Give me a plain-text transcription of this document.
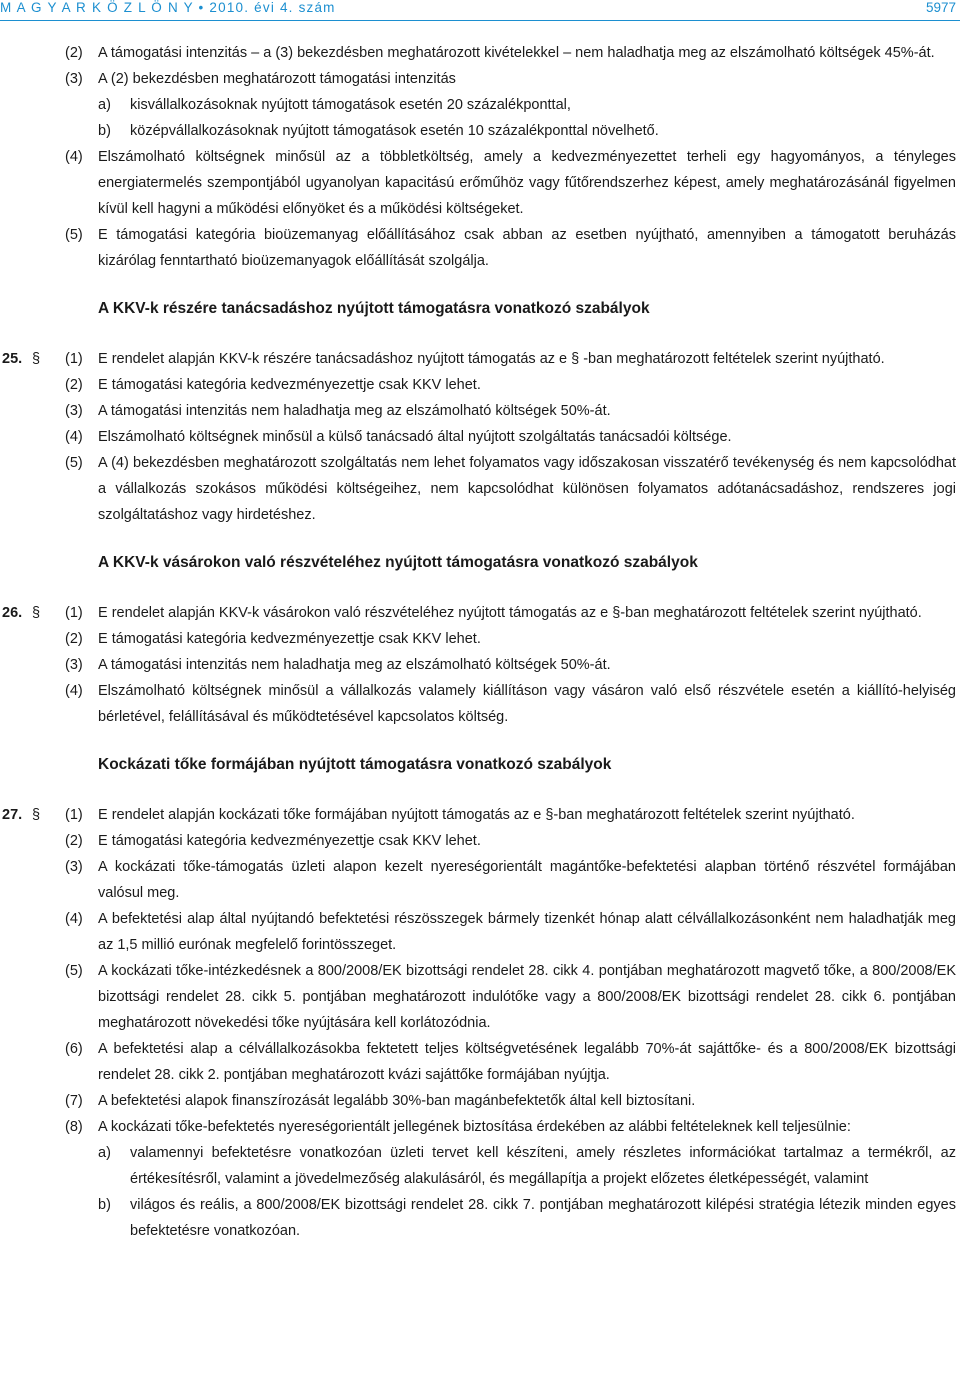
M A G Y A R K Ö Z L Ö N Y • 2010. évi 4. szám	5977
(2) A támogatási intenzitás – a (3) bekezdésben meghatározott kivételekkel – nem haladhatja meg az elszámolható költségek 45%-át.
(3) A (2) bekezdésben meghatározott támogatási intenzitás
a) kisvállalkozásoknak nyújtott támogatások esetén 20 százalékponttal,
b) középvállalkozásoknak nyújtott támogatások esetén 10 százalékponttal növelhető.
(4) Elszámolható költségnek minősül az a többletköltség, amely a kedvezményezettet terheli egy hagyományos, a tényleges energiatermelés szempontjából ugyanolyan kapacitású erőműhöz vagy fűtőrendszerhez képest, amely meghatározásánál figyelmen kívül kell hagyni a működési előnyöket és a működési költségeket.
(5) E támogatási kategória bioüzemanyag előállításához csak abban az esetben nyújtható, amennyiben a támogatott beruházás kizárólag fenntartható bioüzemanyagok előállítását szolgálja.
A KKV-k részére tanácsadáshoz nyújtott támogatásra vonatkozó szabályok
25. § (1) E rendelet alapján KKV-k részére tanácsadáshoz nyújtott támogatás az e § -ban meghatározott feltételek szerint nyújtható.
(2) E támogatási kategória kedvezményezettje csak KKV lehet.
(3) A támogatási intenzitás nem haladhatja meg az elszámolható költségek 50%-át.
(4) Elszámolható költségnek minősül a külső tanácsadó által nyújtott szolgáltatás tanácsadói költsége.
(5) A (4) bekezdésben meghatározott szolgáltatás nem lehet folyamatos vagy időszakosan visszatérő tevékenység és nem kapcsolódhat a vállalkozás szokásos működési költségeihez, nem kapcsolódhat különösen folyamatos adótanácsadáshoz, rendszeres jogi szolgáltatáshoz vagy hirdetéshez.
A KKV-k vásárokon való részvételéhez nyújtott támogatásra vonatkozó szabályok
26. § (1) E rendelet alapján KKV-k vásárokon való részvételéhez nyújtott támogatás az e §-ban meghatározott feltételek szerint nyújtható.
(2) E támogatási kategória kedvezményezettje csak KKV lehet.
(3) A támogatási intenzitás nem haladhatja meg az elszámolható költségek 50%-át.
(4) Elszámolható költségnek minősül a vállalkozás valamely kiállításon vagy vásáron való első részvétele esetén a kiállító-helyiség bérletével, felállításával és működtetésével kapcsolatos költség.
Kockázati tőke formájában nyújtott támogatásra vonatkozó szabályok
27. § (1) E rendelet alapján kockázati tőke formájában nyújtott támogatás az e §-ban meghatározott feltételek szerint nyújtható.
(2) E támogatási kategória kedvezményezettje csak KKV lehet.
(3) A kockázati tőke-támogatás üzleti alapon kezelt nyereségorientált magántőke-befektetési alapban történő részvétel formájában valósul meg.
(4) A befektetési alap által nyújtandó befektetési részösszegek bármely tizenkét hónap alatt célvállalkozásonként nem haladhatják meg az 1,5 millió eurónak megfelelő forintösszeget.
(5) A kockázati tőke-intézkedésnek a 800/2008/EK bizottsági rendelet 28. cikk 4. pontjában meghatározott magvető tőke, a 800/2008/EK bizottsági rendelet 28. cikk 5. pontjában meghatározott indulótőke vagy a 800/2008/EK bizottsági rendelet 28. cikk 6. pontjában meghatározott növekedési tőke nyújtására kell korlátozódnia.
(6) A befektetési alap a célvállalkozásokba fektetett teljes költségvetésének legalább 70%-át sajáttőke- és a 800/2008/EK bizottsági rendelet 28. cikk 2. pontjában meghatározott kvázi sajáttőke formájában nyújtja.
(7) A befektetési alapok finanszírozását legalább 30%-ban magánbefektetők által kell biztosítani.
(8) A kockázati tőke-befektetés nyereségorientált jellegének biztosítása érdekében az alábbi feltételeknek kell teljesülnie:
a) valamennyi befektetésre vonatkozóan üzleti tervet kell készíteni, amely részletes információkat tartalmaz a termékről, az értékesítésről, valamint a jövedelmezőség alakulásáról, és megállapítja a projekt előzetes életképességét, valamint
b) világos és reális, a 800/2008/EK bizottsági rendelet 28. cikk 7. pontjában meghatározott kilépési stratégia létezik minden egyes befektetésre vonatkozóan.
